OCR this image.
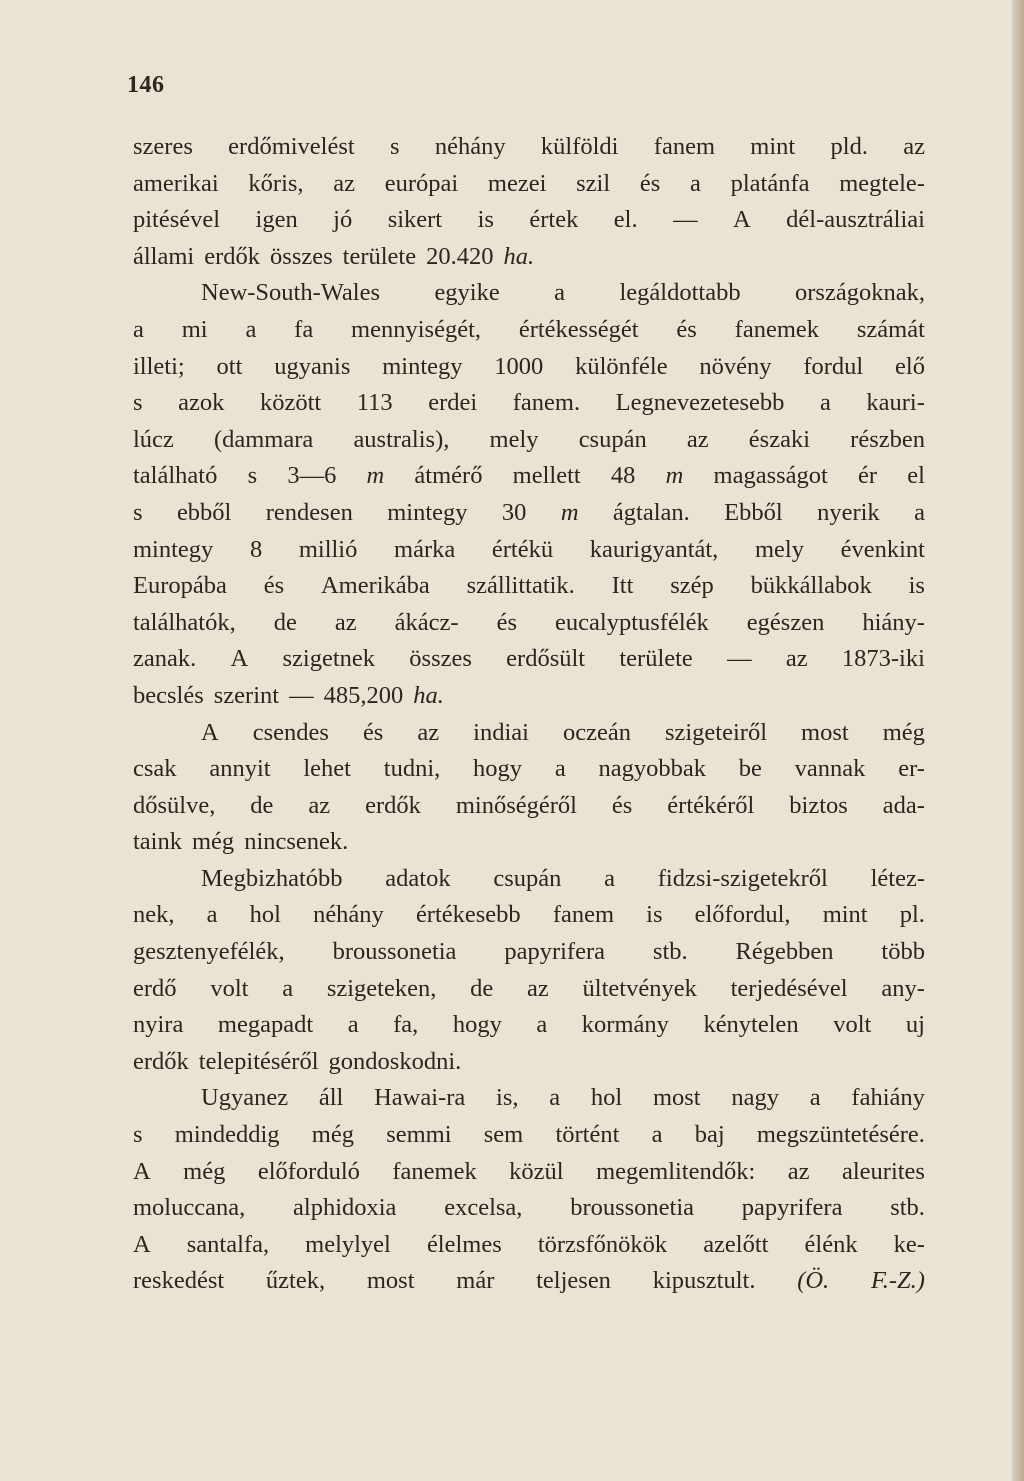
146
szeres erdőmivelést s néhány külföldi fanem mint pld. az
amerikai kőris, az európai mezei szil és a platánfa megtele-
pitésével igen jó sikert is értek el. — A dél-ausztráliai
állami erdők összes területe 20.420 ha.
New-South-Wales egyike a legáldottabb országoknak,
a mi a fa mennyiségét, értékességét és fanemek számát
illeti; ott ugyanis mintegy 1000 különféle növény fordul elő
s azok között 113 erdei fanem. Legnevezetesebb a kauri-
lúcz (dammara australis), mely csupán az északi részben
található s 3—6 m átmérő mellett 48 m magasságot ér el
s ebből rendesen mintegy 30 m ágtalan. Ebből nyerik a
mintegy 8 millió márka értékü kaurigyantát, mely évenkint
Europába és Amerikába szállittatik. Itt szép bükkállabok is
találhatók, de az ákácz- és eucalyptusfélék egészen hiány-
zanak. A szigetnek összes erdősült területe — az 1873-iki
becslés szerint — 485,200 ha.
A csendes és az indiai oczeán szigeteiről most még
csak annyit lehet tudni, hogy a nagyobbak be vannak er-
dősülve, de az erdők minőségéről és értékéről biztos ada-
taink még nincsenek.
Megbizhatóbb adatok csupán a fidzsi-szigetekről létez-
nek, a hol néhány értékesebb fanem is előfordul, mint pl.
gesztenyefélék, broussonetia papyrifera stb. Régebben több
erdő volt a szigeteken, de az ültetvények terjedésével any-
nyira megapadt a fa, hogy a kormány kénytelen volt uj
erdők telepitéséről gondoskodni.
Ugyanez áll Hawai-ra is, a hol most nagy a fahiány
s mindeddig még semmi sem történt a baj megszüntetésére.
A még előforduló fanemek közül megemlitendők: az aleurites
moluccana, alphidoxia excelsa, broussonetia papyrifera stb.
A santalfa, melylyel élelmes törzsfőnökök azelőtt élénk ke-
reskedést űztek, most már teljesen kipusztult. (Ö. F.-Z.)
